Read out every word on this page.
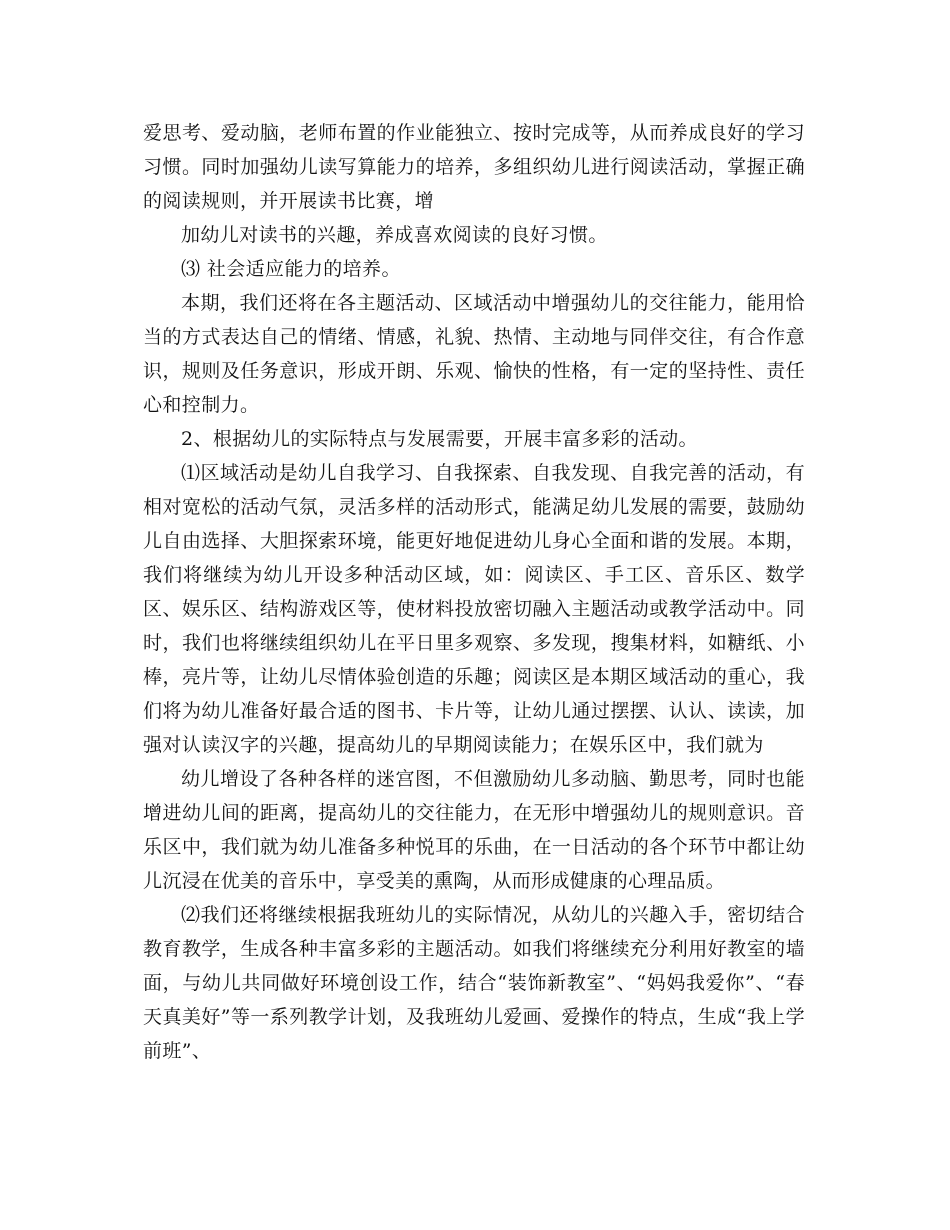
爱思考、爱动脑，老师布置的作业能独立、按时完成等，从而养成良好的学习习惯。同时加强幼儿读写算能力的培养，多组织幼儿进行阅读活动，掌握正确的阅读规则，并开展读书比赛，增

加幼儿对读书的兴趣，养成喜欢阅读的良好习惯。

⑶ 社会适应能力的培养。

本期，我们还将在各主题活动、区域活动中增强幼儿的交往能力，能用恰当的方式表达自己的情绪、情感，礼貌、热情、主动地与同伴交往，有合作意识，规则及任务意识，形成开朗、乐观、愉快的性格，有一定的坚持性、责任心和控制力。

2、根据幼儿的实际特点与发展需要，开展丰富多彩的活动。

⑴区域活动是幼儿自我学习、自我探索、自我发现、自我完善的活动，有相对宽松的活动气氛，灵活多样的活动形式，能满足幼儿发展的需要，鼓励幼儿自由选择、大胆探索环境，能更好地促进幼儿身心全面和谐的发展。本期，我们将继续为幼儿开设多种活动区域，如：阅读区、手工区、音乐区、数学区、娱乐区、结构游戏区等，使材料投放密切融入主题活动或教学活动中。同时，我们也将继续组织幼儿在平日里多观察、多发现，搜集材料，如糖纸、小棒，亮片等，让幼儿尽情体验创造的乐趣；阅读区是本期区域活动的重心，我们将为幼儿准备好最合适的图书、卡片等，让幼儿通过摆摆、认认、读读，加强对认读汉字的兴趣，提高幼儿的早期阅读能力；在娱乐区中，我们就为

幼儿增设了各种各样的迷宫图，不但激励幼儿多动脑、勤思考，同时也能增进幼儿间的距离，提高幼儿的交往能力，在无形中增强幼儿的规则意识。音乐区中，我们就为幼儿准备多种悦耳的乐曲，在一日活动的各个环节中都让幼儿沉浸在优美的音乐中，享受美的熏陶，从而形成健康的心理品质。

⑵我们还将继续根据我班幼儿的实际情况，从幼儿的兴趣入手，密切结合教育教学，生成各种丰富多彩的主题活动。如我们将继续充分利用好教室的墙面，与幼儿共同做好环境创设工作，结合“装饰新教室”、“妈妈我爱你”、“春天真美好”等一系列教学计划，及我班幼儿爱画、爱操作的特点，生成“我上学前班”、
